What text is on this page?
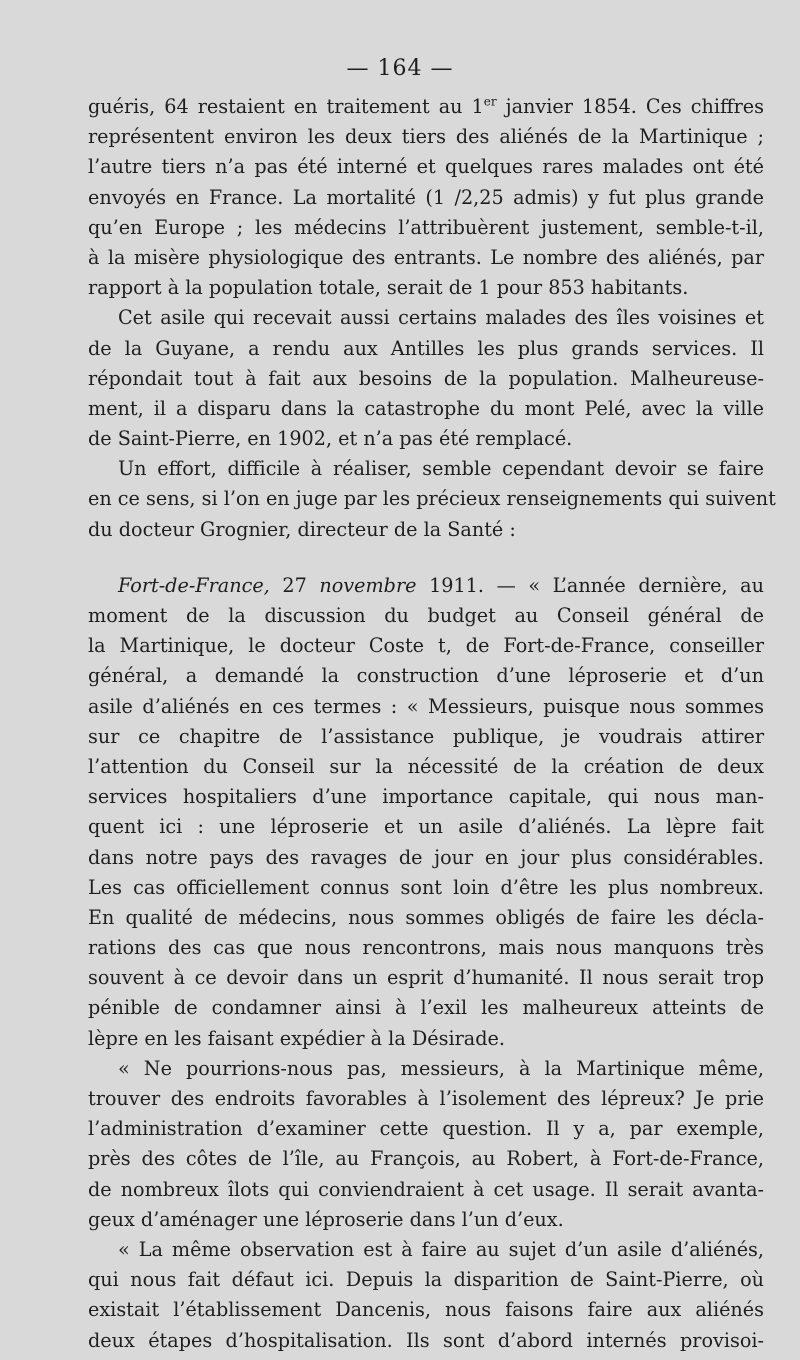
— 164 —
guéris, 64 restaient en traitement au 1er janvier 1854. Ces chiffres
représentent environ les deux tiers des aliénés de la Martinique ;
l’autre tiers n’a pas été interné et quelques rares malades ont été
envoyés en France. La mortalité (1 /2,25 admis) y fut plus grande
qu’en Europe ; les médecins l’attribuèrent justement, semble-t-il,
à la misère physiologique des entrants. Le nombre des aliénés, par
rapport à la population totale, serait de 1 pour 853 habitants.
Cet asile qui recevait aussi certains malades des îles voisines et
de la Guyane, a rendu aux Antilles les plus grands services. Il
répondait tout à fait aux besoins de la population. Malheureuse-
ment, il a disparu dans la catastrophe du mont Pelé, avec la ville
de Saint-Pierre, en 1902, et n’a pas été remplacé.
Un effort, difficile à réaliser, semble cependant devoir se faire
en ce sens, si l’on en juge par les précieux renseignements qui suivent
du docteur Grognier, directeur de la Santé :
Fort-de-France, 27 novembre 1911. — « L’année dernière, au
moment de la discussion du budget au Conseil général de
la Martinique, le docteur Coste t, de Fort-de-France, conseiller
général, a demandé la construction d’une léproserie et d’un
asile d’aliénés en ces termes : « Messieurs, puisque nous sommes
sur ce chapitre de l’assistance publique, je voudrais attirer
l’attention du Conseil sur la nécessité de la création de deux
services hospitaliers d’une importance capitale, qui nous man-
quent ici : une léproserie et un asile d’aliénés. La lèpre fait
dans notre pays des ravages de jour en jour plus considérables.
Les cas officiellement connus sont loin d’être les plus nombreux.
En qualité de médecins, nous sommes obligés de faire les décla-
rations des cas que nous rencontrons, mais nous manquons très
souvent à ce devoir dans un esprit d’humanité. Il nous serait trop
pénible de condamner ainsi à l’exil les malheureux atteints de
lèpre en les faisant expédier à la Désirade.
« Ne pourrions-nous pas, messieurs, à la Martinique même,
trouver des endroits favorables à l’isolement des lépreux? Je prie
l’administration d’examiner cette question. Il y a, par exemple,
près des côtes de l’île, au François, au Robert, à Fort-de-France,
de nombreux îlots qui conviendraient à cet usage. Il serait avanta-
geux d’aménager une léproserie dans l’un d’eux.
« La même observation est à faire au sujet d’un asile d’aliénés,
qui nous fait défaut ici. Depuis la disparition de Saint-Pierre, où
existait l’établissement Dancenis, nous faisons faire aux aliénés
deux étapes d’hospitalisation. Ils sont d’abord internés provisoi-
